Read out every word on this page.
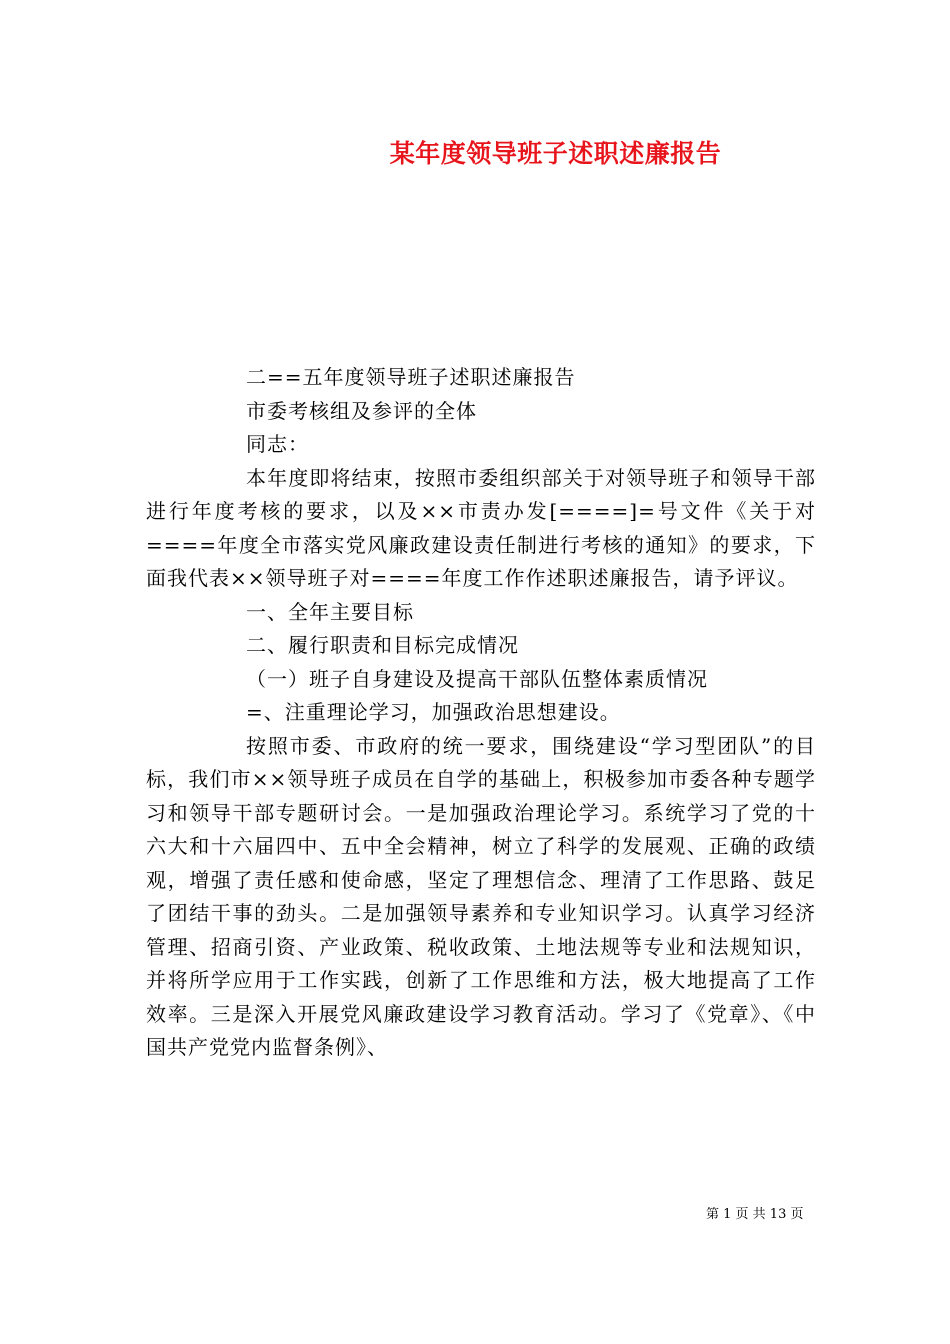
某年度领导班子述职述廉报告

二==五年度领导班子述职述廉报告

市委考核组及参评的全体

同志：

本年度即将结束，按照市委组织部关于对领导班子和领导干部进行年度考核的要求，以及××市责办发[====]=号文件《关于对====年度全市落实党风廉政建设责任制进行考核的通知》的要求，下面我代表××领导班子对====年度工作作述职述廉报告，请予评议。

一、全年主要目标

二、履行职责和目标完成情况

（一）班子自身建设及提高干部队伍整体素质情况

=、注重理论学习，加强政治思想建设。

按照市委、市政府的统一要求，围绕建设“学习型团队”的目标，我们市××领导班子成员在自学的基础上，积极参加市委各种专题学习和领导干部专题研讨会。一是加强政治理论学习。系统学习了党的十六大和十六届四中、五中全会精神，树立了科学的发展观、正确的政绩观，增强了责任感和使命感，坚定了理想信念、理清了工作思路、鼓足了团结干事的劲头。二是加强领导素养和专业知识学习。认真学习经济管理、招商引资、产业政策、税收政策、土地法规等专业和法规知识，并将所学应用于工作实践，创新了工作思维和方法，极大地提高了工作效率。三是深入开展党风廉政建设学习教育活动。学习了《党章》、《中国共产党党内监督条例》、

第 1 页 共 13 页
